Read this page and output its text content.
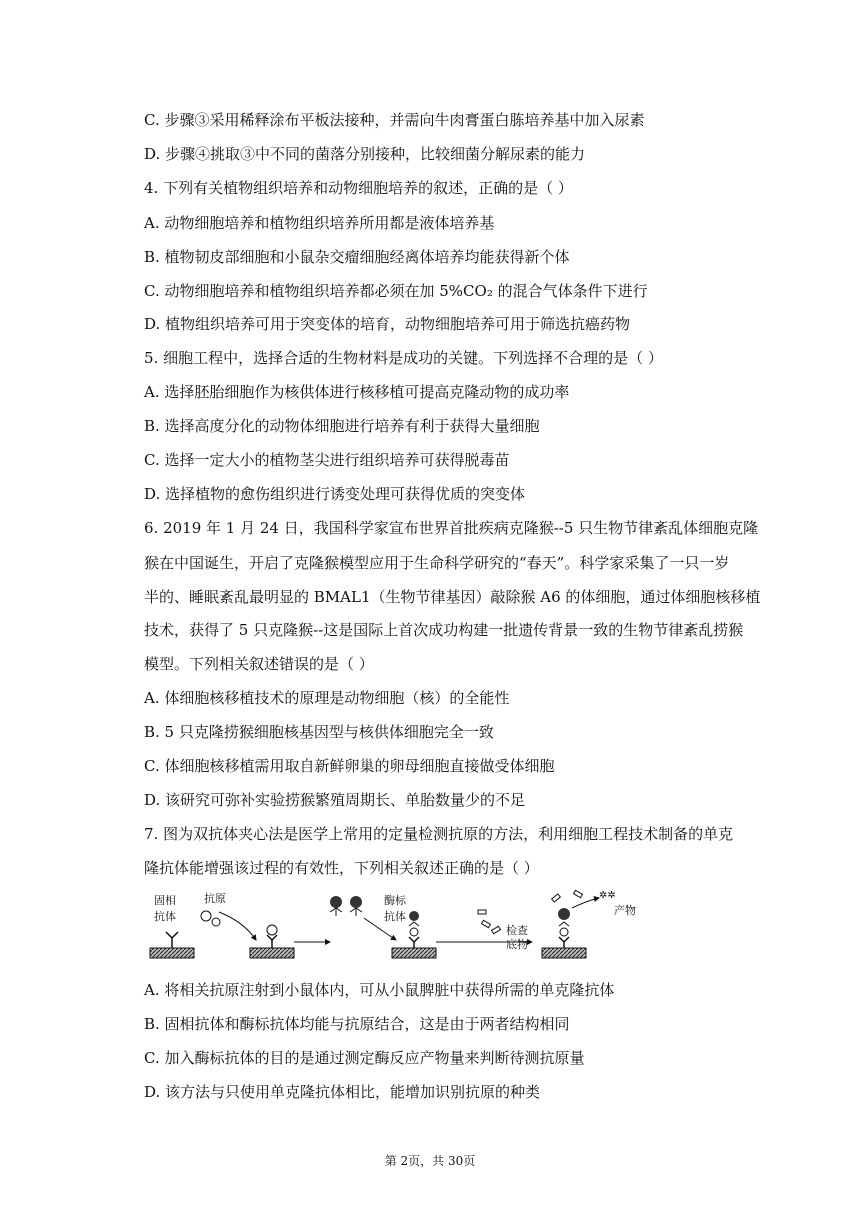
C. 步骤③采用稀释涂布平板法接种，并需向牛肉膏蛋白胨培养基中加入尿素
D. 步骤④挑取③中不同的菌落分别接种，比较细菌分解尿素的能力
4. 下列有关植物组织培养和动物细胞培养的叙述，正确的是（ ）
A. 动物细胞培养和植物组织培养所用都是液体培养基
B. 植物韧皮部细胞和小鼠杂交瘤细胞经离体培养均能获得新个体
C. 动物细胞培养和植物组织培养都必须在加 5%CO₂ 的混合气体条件下进行
D. 植物组织培养可用于突变体的培育，动物细胞培养可用于筛选抗癌药物
5. 细胞工程中，选择合适的生物材料是成功的关键。下列选择不合理的是（ ）
A. 选择胚胎细胞作为核供体进行核移植可提高克隆动物的成功率
B. 选择高度分化的动物体细胞进行培养有利于获得大量细胞
C. 选择一定大小的植物茎尖进行组织培养可获得脱毒苗
D. 选择植物的愈伤组织进行诱变处理可获得优质的突变体
6. 2019 年 1 月 24 日，我国科学家宣布世界首批疾病克隆猴--5 只生物节律紊乱体细胞克隆
猴在中国诞生，开启了克隆猴模型应用于生命科学研究的“春天”。科学家采集了一只一岁
半的、睡眠紊乱最明显的 BMAL1（生物节律基因）敲除猴 A6 的体细胞，通过体细胞核移植
技术，获得了 5 只克隆猴--这是国际上首次成功构建一批遗传背景一致的生物节律紊乱捞猴
模型。下列相关叙述错误的是（ ）
A. 体细胞核移植技术的原理是动物细胞（核）的全能性
B. 5 只克隆捞猴细胞核基因型与核供体细胞完全一致
C. 体细胞核移植需用取自新鲜卵巢的卵母细胞直接做受体细胞
D. 该研究可弥补实验捞猴繁殖周期长、单胎数量少的不足
7. 图为双抗体夹心法是医学上常用的定量检测抗原的方法，利用细胞工程技术制备的单克
隆抗体能增强该过程的有效性，下列相关叙述正确的是（ ）
固相
抗体
抗原	酶标
抗体
检查
底物
产物
✲✲
A. 将相关抗原注射到小鼠体内，可从小鼠脾脏中获得所需的单克隆抗体
B. 固相抗体和酶标抗体均能与抗原结合，这是由于两者结构相同
C. 加入酶标抗体的目的是通过测定酶反应产物量来判断待测抗原量
D. 该方法与只使用单克隆抗体相比，能增加识别抗原的种类
第 2页，共 30页
